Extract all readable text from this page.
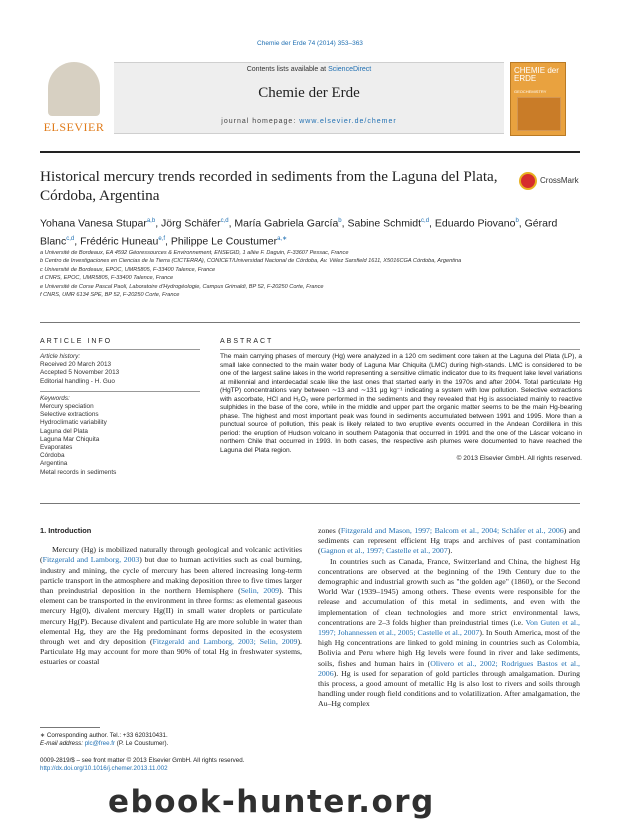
Chemie der Erde 74 (2014) 353–363
ELSEVIER
Contents lists available at ScienceDirect
Chemie der Erde
journal homepage: www.elsevier.de/chemer
CHEMIE der ERDE
GEOCHEMISTRY
Historical mercury trends recorded in sediments from the Laguna del Plata, Córdoba, Argentina
CrossMark
Yohana Vanesa Stupar$^{a,b}$, Jörg Schäfer$^{c,d}$, María Gabriela García$^b$, Sabine Schmidt$^{c,d}$, Eduardo Piovano$^b$, Gérard Blanc$^{c,d}$, Frédéric Huneau$^{e,f}$, Philippe Le Coustumer$^{a,∗}$
a Université de Bordeaux, EA 4592 Géoressources & Environnement, ENSEGID, 1 allée F. Daguin, F-33607 Pessac, France
b Centro de Investigaciones en Ciencias de la Tierra (CICTERRA), CONICET/Universidad Nacional de Córdoba, Av. Vélez Sarsfield 1611, X5016CGA Córdoba, Argentina
c Université de Bordeaux, EPOC, UMR5805, F-33400 Talence, France
d CNRS, EPOC, UMR5805, F-33400 Talence, France
e Université de Corse Pascal Paoli, Laboratoire d'Hydrogéologie, Campus Grimaldi, BP 52, F-20250 Corte, France
f CNRS, UMR 6134 SPE, BP 52, F-20250 Corte, France
ARTICLE INFO	ABSTRACT
Article history:
Received 20 March 2013
Accepted 5 November 2013
Editorial handling - H. Guo
Keywords:
Mercury speciation
Selective extractions
Hydroclimatic variability
Laguna del Plata
Laguna Mar Chiquita
Evaporates
Córdoba
Argentina
Metal records in sediments

The main carrying phases of mercury (Hg) were analyzed in a 120 cm sediment core taken at the Laguna del Plata (LP), a small lake connected to the main water body of Laguna Mar Chiquita (LMC) during high-stands. LMC is considered to be one of the largest saline lakes in the world representing a sensitive climatic indicator due to its frequent lake level variations at millennial and interdecadal scale like the last ones that started early in the 1970s and after 2004. Total particulate Hg (HgTP) concentrations vary between ∼13 and ∼131 μg kg⁻¹ indicating a system with low pollution. Selective extractions with ascorbate, HCl and H₂O₂ were performed in the sediments and they revealed that Hg is associated mainly to reactive sulphides in the base of the core, while in the middle and upper part the organic matter seems to be the main Hg-bearing phase. The highest and most important peak was found in sediments accumulated between 1991 and 1995. More than a punctual source of pollution, this peak is likely related to two eruptive events occurred in the Andean Cordillera in this period: the eruption of Hudson volcano in southern Patagonia that occurred in 1991 and the one of the Láscar volcano in northern Chile that occurred in 1993. In both cases, the respective ash plumes were documented to have reached the Laguna del Plata region.

© 2013 Elsevier GmbH. All rights reserved.

1. Introduction

Mercury (Hg) is mobilized naturally through geological and volcanic activities (Fitzgerald and Lamborg, 2003) but due to human activities such as coal burning, industry and mining, the cycle of mercury has been altered increasing long-term particle transport in the atmosphere and making deposition three to five times larger than preindustrial deposition in the northern Hemisphere (Selin, 2009). This element can be transported in the environment in three forms: as elemental gaseous mercury Hg(0), divalent mercury Hg(II) in small water droplets or particulate mercury Hg(P). Because divalent and particulate Hg are more soluble in water than elemental Hg, they are the Hg predominant forms deposited in the ecosystem through wet and dry deposition (Fitzgerald and Lamborg, 2003; Selin, 2009). Particulate Hg may account for more than 90% of total Hg in freshwater systems, estuaries or coastal

zones (Fitzgerald and Mason, 1997; Balcom et al., 2004; Schäfer et al., 2006) and sediments can represent efficient Hg traps and archives of past contamination (Gagnon et al., 1997; Castelle et al., 2007).

In countries such as Canada, France, Switzerland and China, the highest Hg concentrations are observed at the beginning of the 19th Century due to the demographic and industrial growth such as "the golden age" (1860), or the Second World War (1939–1945) among others. These events were responsible for the release and accumulation of this metal in sediments, and even with the implementation of clean technologies and more strict environmental laws, concentrations are 2–3 folds higher than preindustrial times (i.e. Von Guten et al., 1997; Johannessen et al., 2005; Castelle et al., 2007). In South America, most of the high Hg concentrations are linked to gold mining in countries such as Colombia, Bolivia and Peru where high Hg levels were found in river and lake sediments, soils, fishes and human hairs in (Olivero et al., 2002; Rodrigues Bastos et al., 2006). Hg is used for separation of gold particles through amalgamation. During this process, a good amount of metallic Hg is also lost to rivers and soils through handling under rough field conditions and to volatilization. After amalgamation, the Au–Hg complex

∗ Corresponding author. Tel.: +33 620310431.
E-mail address: plc@free.fr (P. Le Coustumer).
0009-2819/$ – see front matter © 2013 Elsevier GmbH. All rights reserved.
http://dx.doi.org/10.1016/j.chemer.2013.11.002
ebook-hunter.org
